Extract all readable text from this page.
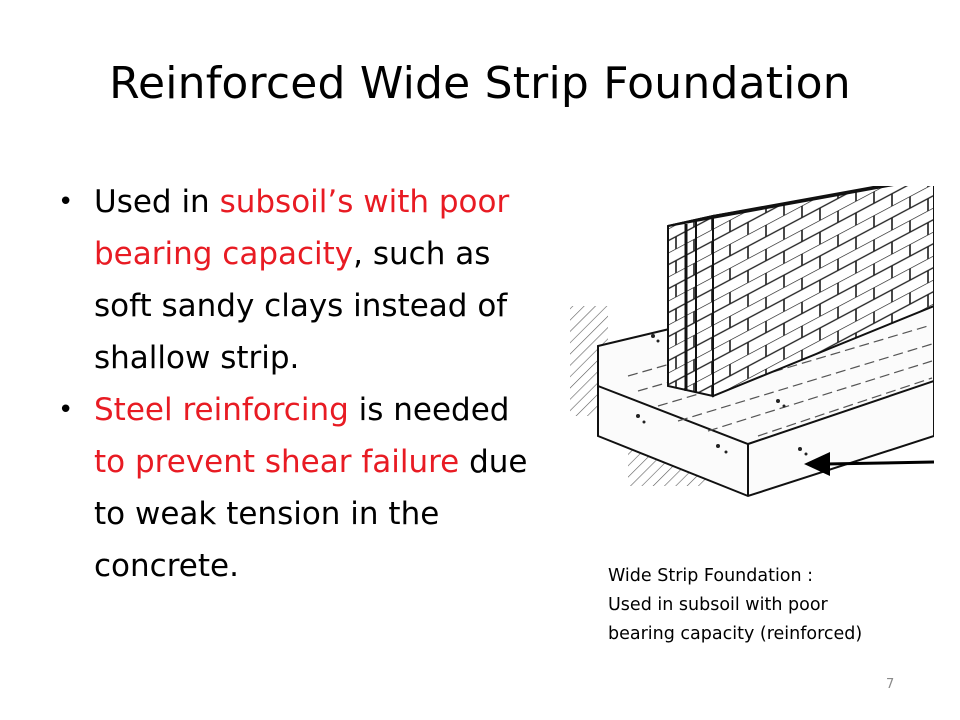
Reinforced Wide Strip Foundation
• Used in subsoil’s with poor bearing capacity, such as soft sandy clays instead of shallow strip.
• Steel reinforcing is needed to prevent shear failure due to weak tension in the concrete.	Wide Strip Foundation :
Used in subsoil with poor
bearing capacity (reinforced)
7
